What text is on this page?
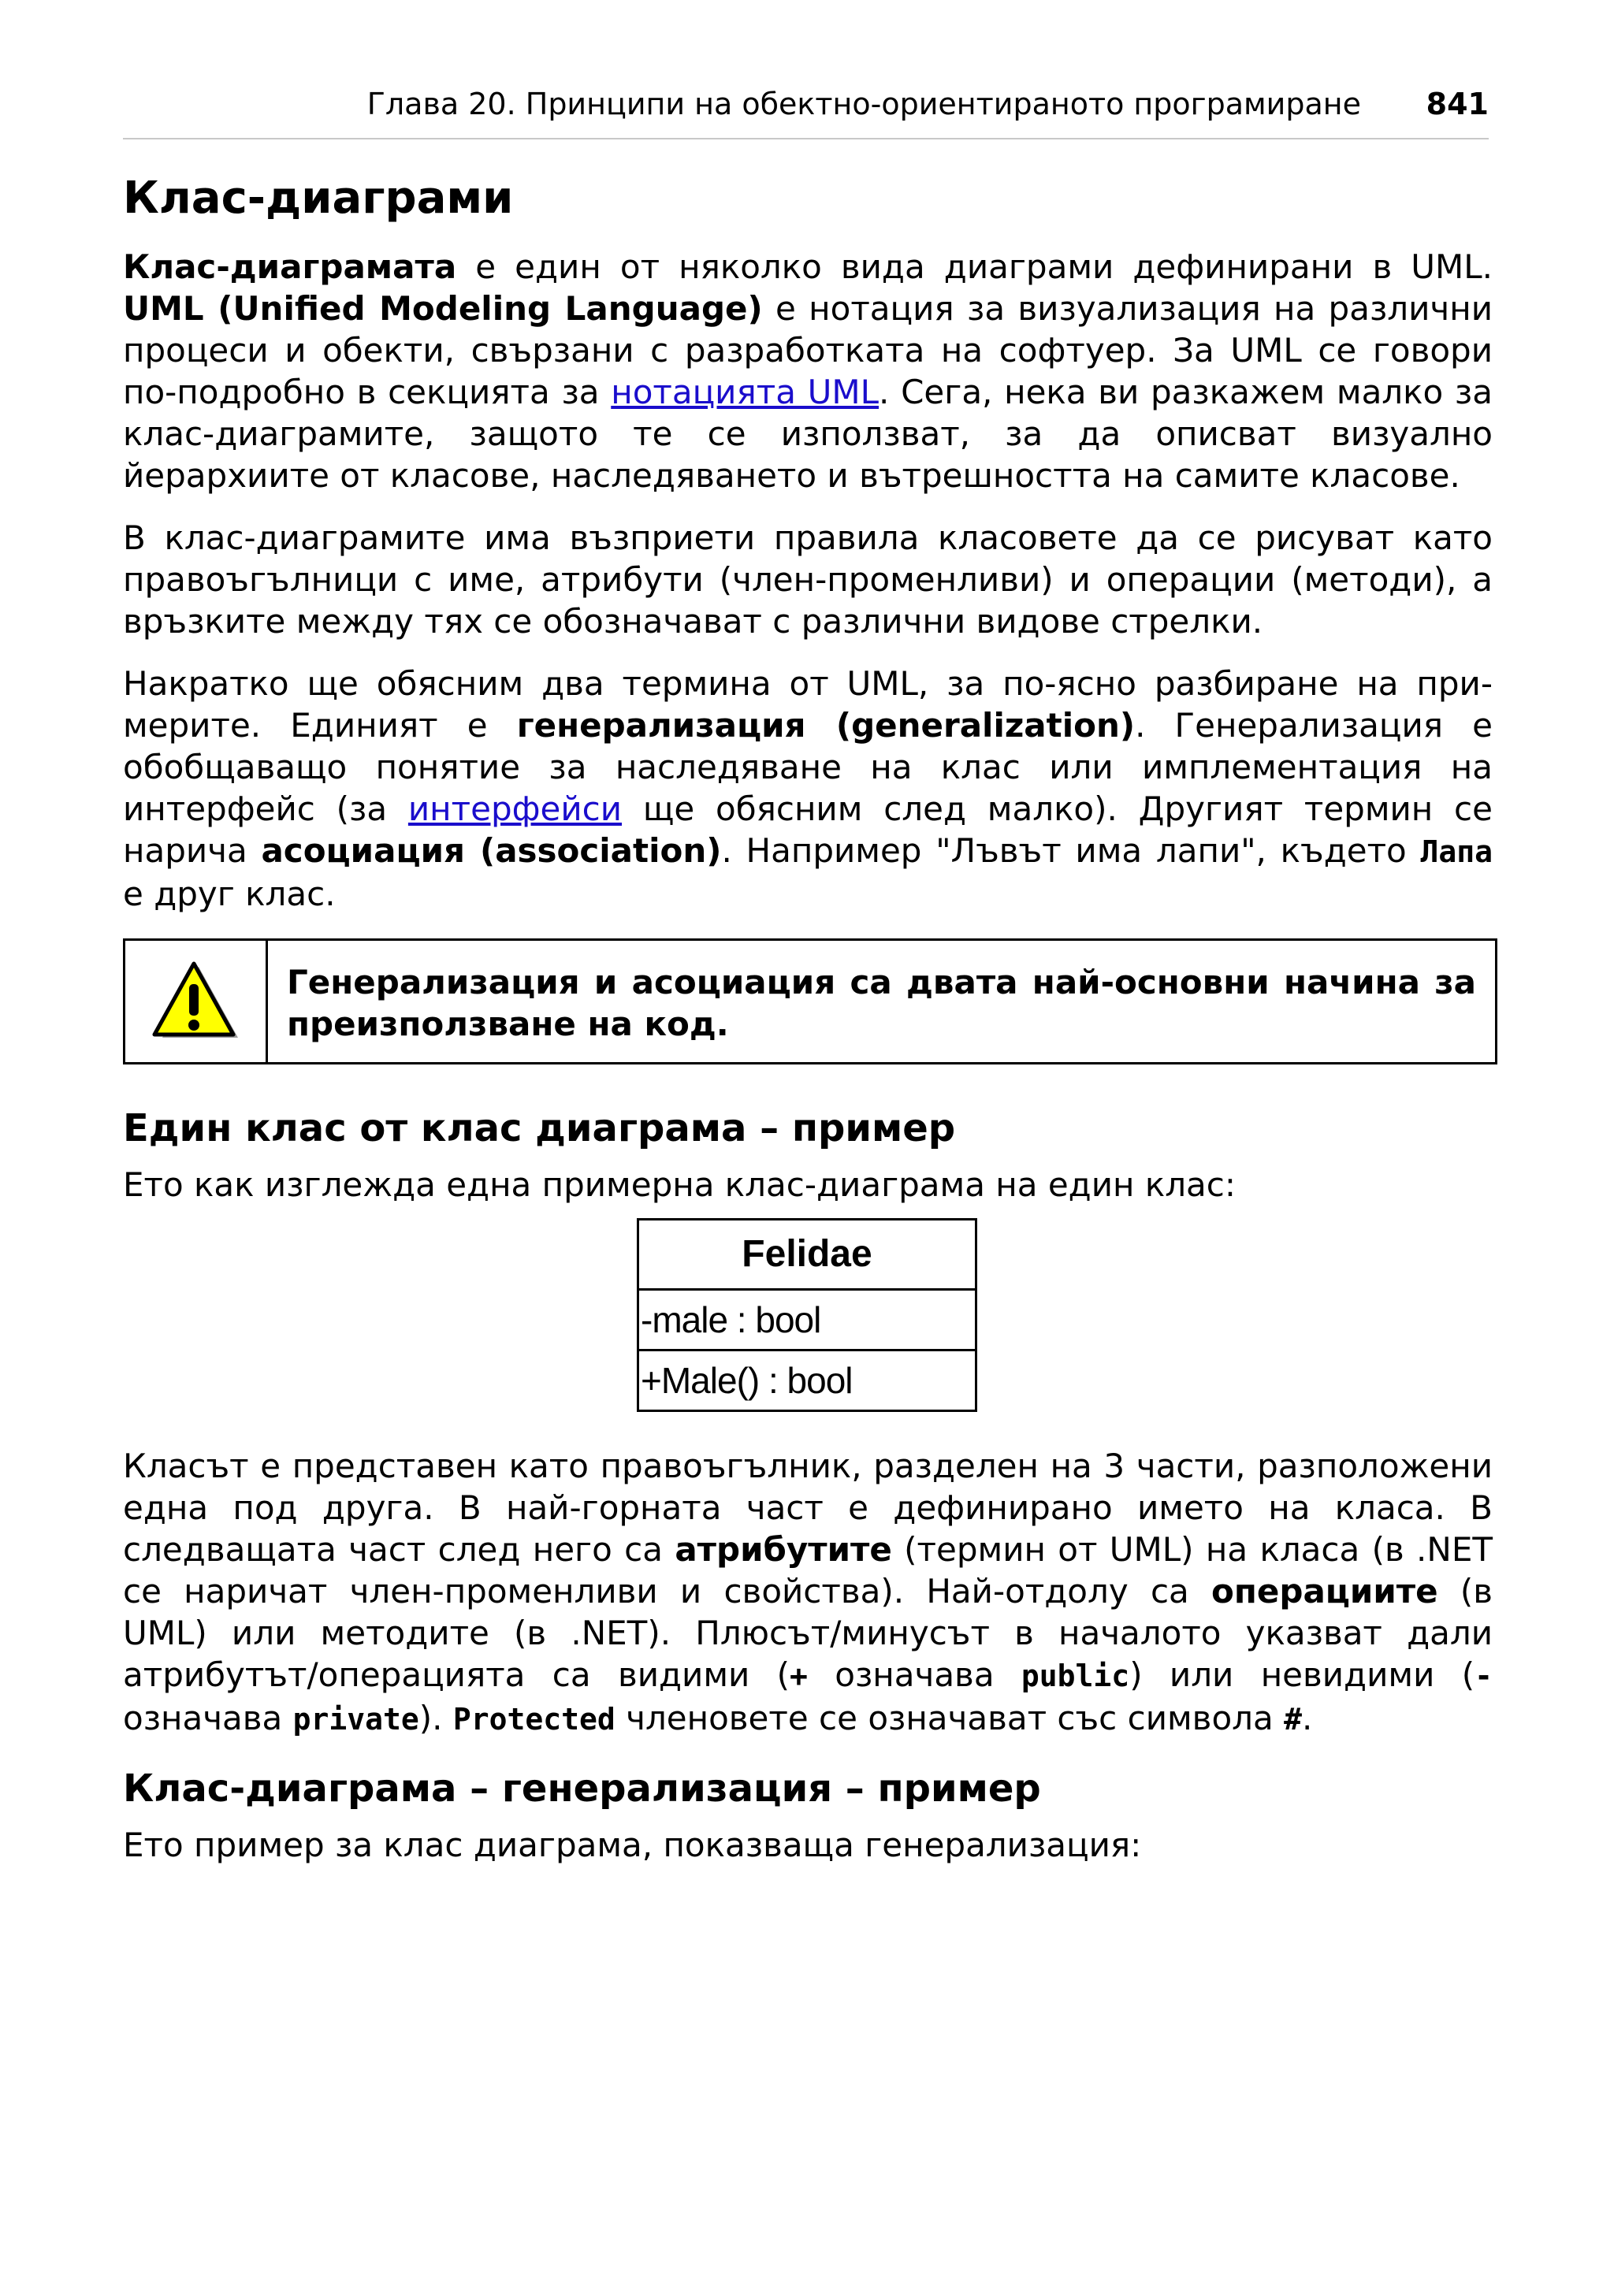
Глава 20. Принципи на обектно-ориентираното програмиране 841
Клас-диаграми

Клас-диаграмата е един от няколко вида диаграми дефинирани в UML. UML (Unified Modeling Language) е нотация за визуализация на различни процеси и обекти, свързани с разработката на софтуер. За UML се говори по-подробно в секцията за нотацията UML. Сега, нека ви разкажем малко за клас-диаграмите, защото те се използват, за да описват визуално йерархиите от класове, наследяването и вътрешността на самите класове.

В клас-диаграмите има възприети правила класовете да се рисуват като правоъгълници с име, атрибути (член-променливи) и операции (методи), а връзките между тях се обозначават с различни видове стрелки.

Накратко ще обясним два термина от UML, за по-ясно разбиране на примерите. Единият е генерализация (generalization). Генерализация е обобщаващо понятие за наследяване на клас или имплементация на интерфейс (за интерфейси ще обясним след малко). Другият термин се нарича асоциация (association). Например "Лъвът има лапи", където Лапа е друг клас.

Генерализация и асоциация са двата най-основни начина за преизползване на код.
Един клас от клас диаграма – пример

Ето как изглежда една примерна клас-диаграма на един клас:

Felidae
-male : bool
+Male() : bool

Класът е представен като правоъгълник, разделен на 3 части, разположени една под друга. В най-горната част е дефинирано името на класа. В следващата част след него са атрибутите (термин от UML) на класа (в .NET се наричат член-променливи и свойства). Най-отдолу са операциите (в UML) или методите (в .NET). Плюсът/минусът в началото указват дали атрибутът/операцията са видими (+ означава public) или невидими (- означава private). Protected членовете се означават със символа #.

Клас-диаграма – генерализация – пример

Ето пример за клас диаграма, показваща генерализация:
